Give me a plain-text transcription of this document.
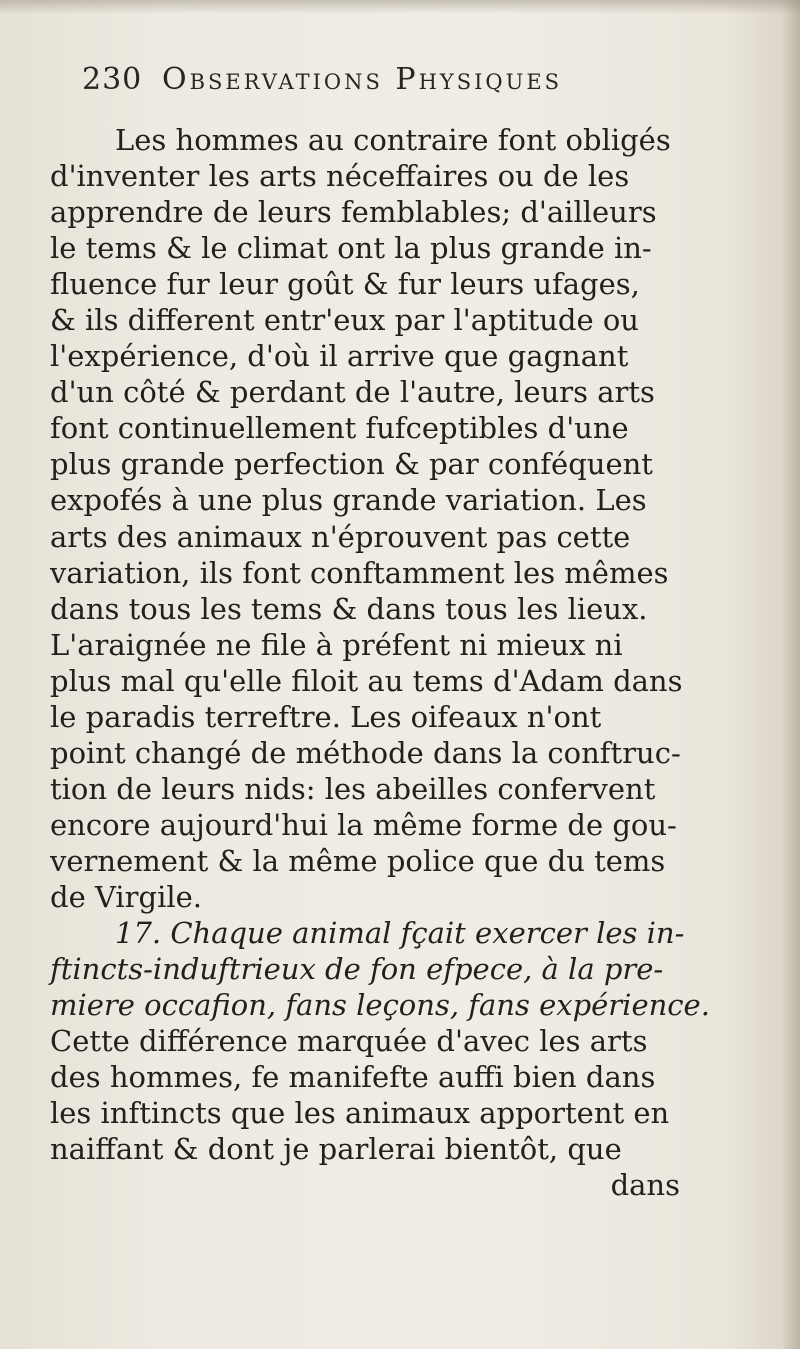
230 Observations Physiques
Les hommes au contraire font obligés
d'inventer les arts néceffaires ou de les
apprendre de leurs femblables; d'ailleurs
le tems & le climat ont la plus grande in-
fluence fur leur goût & fur leurs ufages,
& ils different entr'eux par l'aptitude ou
l'expérience, d'où il arrive que gagnant
d'un côté & perdant de l'autre, leurs arts
font continuellement fufceptibles d'une
plus grande perfection & par conféquent
expofés à une plus grande variation. Les
arts des animaux n'éprouvent pas cette
variation, ils font conftamment les mêmes
dans tous les tems & dans tous les lieux.
L'araignée ne file à préfent ni mieux ni
plus mal qu'elle filoit au tems d'Adam dans
le paradis terreftre. Les oifeaux n'ont
point changé de méthode dans la conftruc-
tion de leurs nids: les abeilles confervent
encore aujourd'hui la même forme de gou-
vernement & la même police que du tems
de Virgile.
17. Chaque animal fçait exercer les in-
ftincts-induftrieux de fon efpece, à la pre-
miere occafion, fans leçons, fans expérience.
Cette différence marquée d'avec les arts
des hommes, fe manifefte auffi bien dans
les inftincts que les animaux apportent en
naiffant & dont je parlerai bientôt, que
dans
